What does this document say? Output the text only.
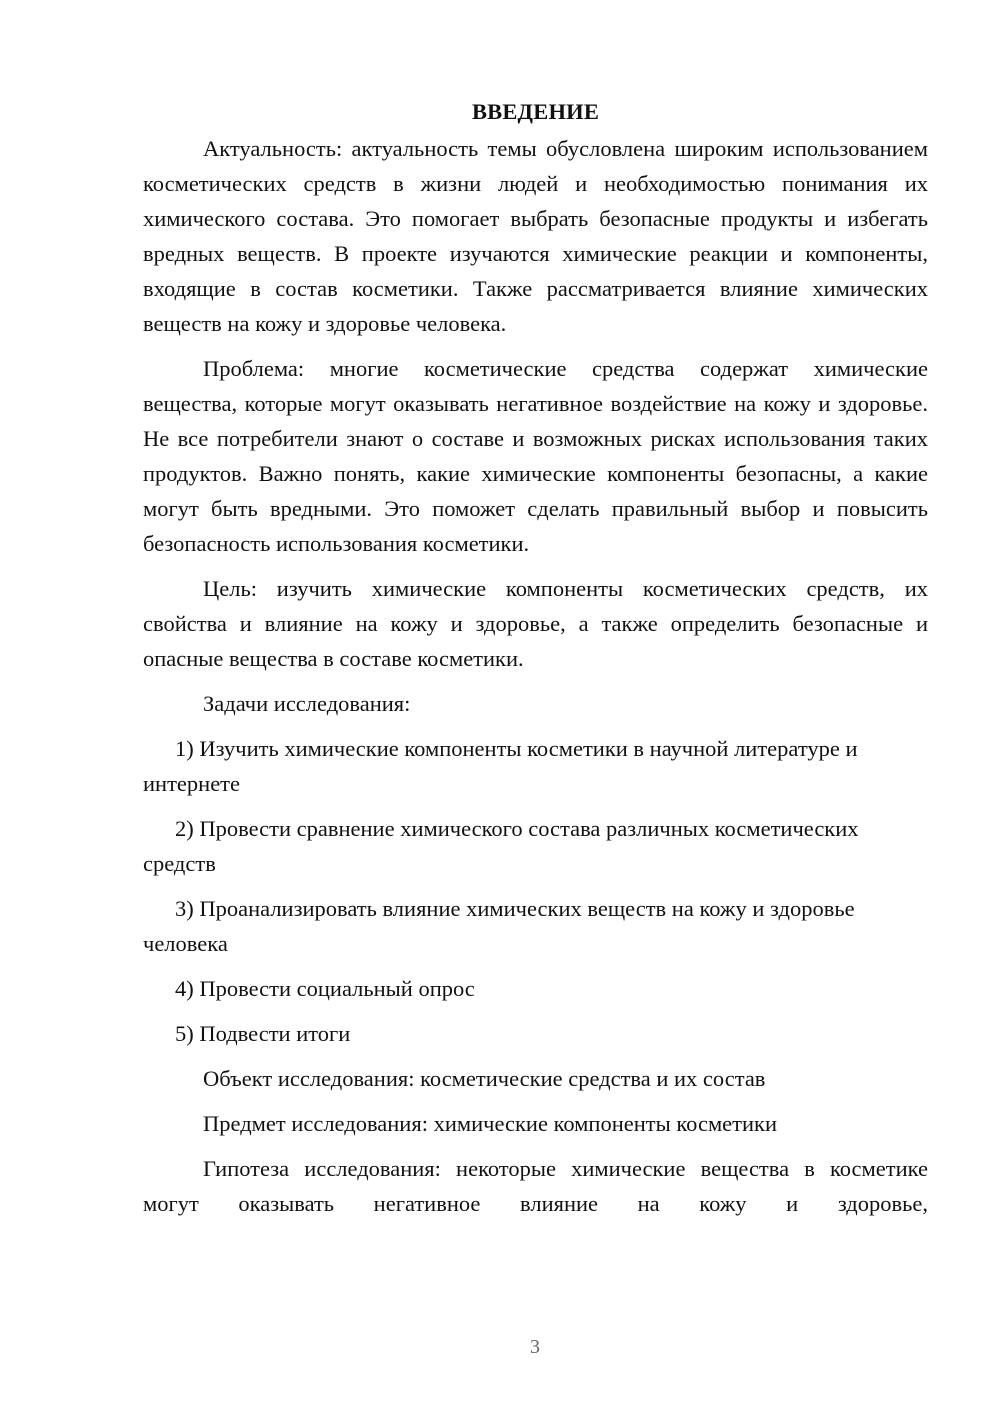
ВВЕДЕНИЕ

Актуальность: актуальность темы обусловлена широким использованием косметических средств в жизни людей и необходимостью понимания их химического состава. Это помогает выбрать безопасные продукты и избегать вредных веществ. В проекте изучаются химические реакции и компоненты, входящие в состав косметики. Также рассматривается влияние химических веществ на кожу и здоровье человека.

Проблема: многие косметические средства содержат химические вещества, которые могут оказывать негативное воздействие на кожу и здоровье. Не все потребители знают о составе и возможных рисках использования таких продуктов. Важно понять, какие химические компоненты безопасны, а какие могут быть вредными. Это поможет сделать правильный выбор и повысить безопасность использования косметики.

Цель: изучить химические компоненты косметических средств, их свойства и влияние на кожу и здоровье, а также определить безопасные и опасные вещества в составе косметики.

Задачи исследования:

1) Изучить химические компоненты косметики в научной литературе и интернете

2) Провести сравнение химического состава различных косметических средств

3) Проанализировать влияние химических веществ на кожу и здоровье человека

4) Провести социальный опрос

5) Подвести итоги

Объект исследования: косметические средства и их состав

Предмет исследования: химические компоненты косметики

Гипотеза исследования: некоторые химические вещества в косметике могут оказывать негативное влияние на кожу и здоровье,

3
